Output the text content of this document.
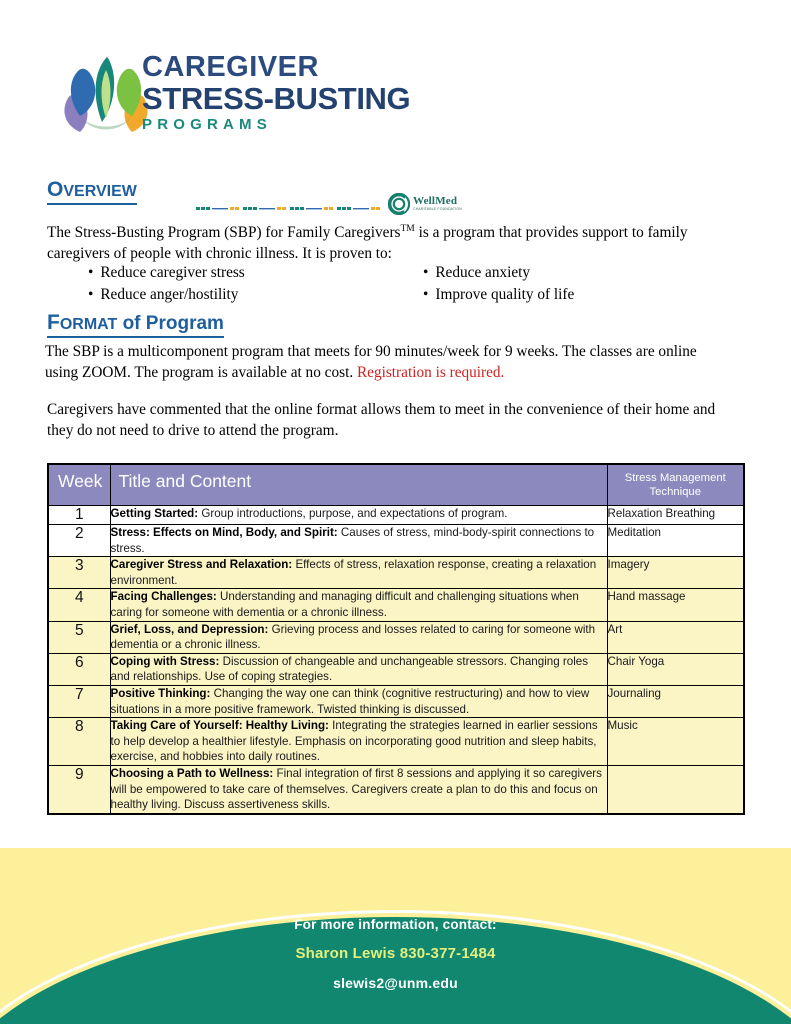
CAREGIVER
STRESS-BUSTING
PROGRAMS
WellMed
CHARITABLE FOUNDATION
OVERVIEW
The Stress-Busting Program (SBP) for Family Caregivers™ is a program that provides support to family caregivers of people with chronic illness. It is proven to:
• Reduce caregiver stress
• Reduce anger/hostility
• Reduce anxiety
• Improve quality of life
FORMAT of Program
The SBP is a multicomponent program that meets for 90 minutes/week for 9 weeks. The classes are online using ZOOM. The program is available at no cost. Registration is required.
Caregivers have commented that the online format allows them to meet in the convenience of their home and they do not need to drive to attend the program.
Week	Title and Content	Stress Management Technique
1	Getting Started: Group introductions, purpose, and expectations of program.	Relaxation Breathing
2	Stress: Effects on Mind, Body, and Spirit: Causes of stress, mind-body-spirit connections to stress.	Meditation
3	Caregiver Stress and Relaxation: Effects of stress, relaxation response, creating a relaxation environment.	Imagery
4	Facing Challenges: Understanding and managing difficult and challenging situations when caring for someone with dementia or a chronic illness.	Hand massage
5	Grief, Loss, and Depression: Grieving process and losses related to caring for someone with dementia or a chronic illness.	Art
6	Coping with Stress: Discussion of changeable and unchangeable stressors. Changing roles and relationships. Use of coping strategies.	Chair Yoga
7	Positive Thinking: Changing the way one can think (cognitive restructuring) and how to view situations in a more positive framework. Twisted thinking is discussed.	Journaling
8	Taking Care of Yourself: Healthy Living: Integrating the strategies learned in earlier sessions to help develop a healthier lifestyle. Emphasis on incorporating good nutrition and sleep habits, exercise, and hobbies into daily routines.	Music
9	Choosing a Path to Wellness: Final integration of first 8 sessions and applying it so caregivers will be empowered to take care of themselves. Caregivers create a plan to do this and focus on healthy living. Discuss assertiveness skills.	
For more information, contact:
Sharon Lewis 830-377-1484
slewis2@unm.edu
